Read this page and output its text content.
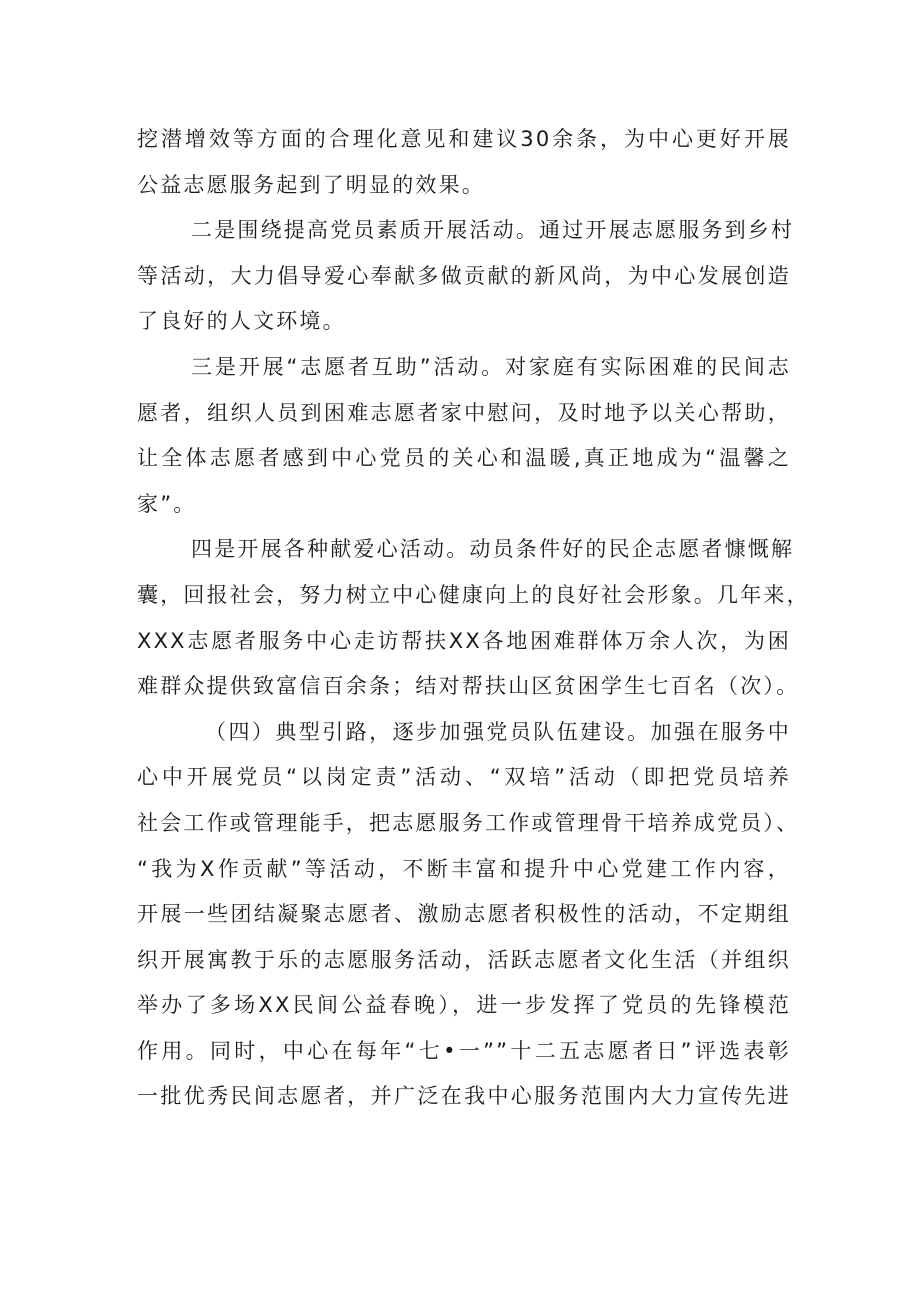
挖潜增效等方面的合理化意见和建议30余条，为中心更好开展
公益志愿服务起到了明显的效果。
二是围绕提高党员素质开展活动。通过开展志愿服务到乡村
等活动，大力倡导爱心奉献多做贡献的新风尚，为中心发展创造
了良好的人文环境。
三是开展“志愿者互助”活动。对家庭有实际困难的民间志
愿者，组织人员到困难志愿者家中慰问，及时地予以关心帮助，
让全体志愿者感到中心党员的关心和温暖,真正地成为“温馨之
家”。
四是开展各种献爱心活动。动员条件好的民企志愿者慷慨解
囊，回报社会，努力树立中心健康向上的良好社会形象。几年来，
XXX志愿者服务中心走访帮扶XX各地困难群体万余人次，为困
难群众提供致富信百余条；结对帮扶山区贫困学生七百名（次）。
（四）典型引路，逐步加强党员队伍建设。加强在服务中
心中开展党员“以岗定责”活动、“双培”活动（即把党员培养
社会工作或管理能手，把志愿服务工作或管理骨干培养成党员）、
“我为X作贡献”等活动，不断丰富和提升中心党建工作内容，
开展一些团结凝聚志愿者、激励志愿者积极性的活动，不定期组
织开展寓教于乐的志愿服务活动，活跃志愿者文化生活（并组织
举办了多场XX民间公益春晚），进一步发挥了党员的先锋模范
作用。同时，中心在每年“七•一””十二五志愿者日”评选表彰
一批优秀民间志愿者，并广泛在我中心服务范围内大力宣传先进
